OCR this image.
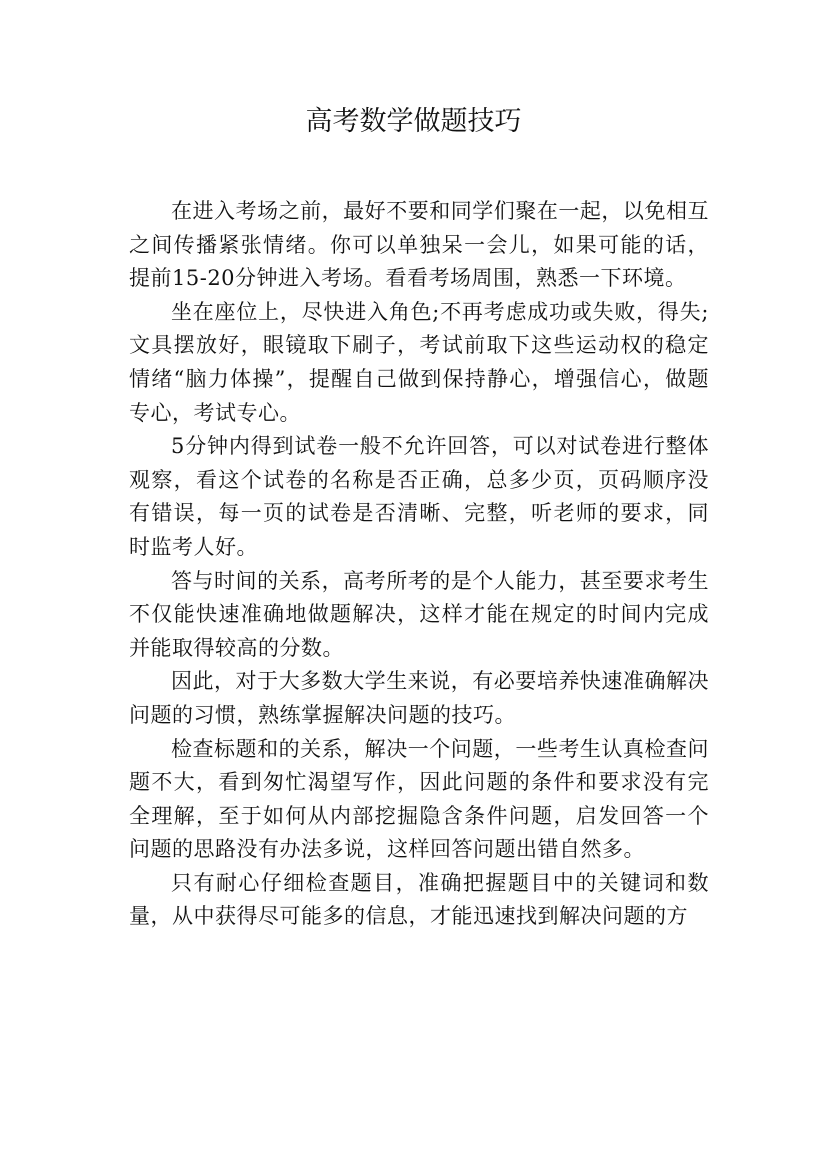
高考数学做题技巧

在进入考场之前，最好不要和同学们聚在一起，以免相互之间传播紧张情绪。你可以单独呆一会儿，如果可能的话，提前15-20分钟进入考场。看看考场周围，熟悉一下环境。

坐在座位上，尽快进入角色;不再考虑成功或失败，得失;文具摆放好，眼镜取下刷子，考试前取下这些运动权的稳定情绪“脑力体操”，提醒自己做到保持静心，增强信心，做题专心，考试专心。

5分钟内得到试卷一般不允许回答，可以对试卷进行整体观察，看这个试卷的名称是否正确，总多少页，页码顺序没有错误，每一页的试卷是否清晰、完整，听老师的要求，同时监考人好。

答与时间的关系，高考所考的是个人能力，甚至要求考生不仅能快速准确地做题解决，这样才能在规定的时间内完成并能取得较高的分数。

因此，对于大多数大学生来说，有必要培养快速准确解决问题的习惯，熟练掌握解决问题的技巧。

检查标题和的关系，解决一个问题，一些考生认真检查问题不大，看到匆忙渴望写作，因此问题的条件和要求没有完全理解，至于如何从内部挖掘隐含条件问题，启发回答一个问题的思路没有办法多说，这样回答问题出错自然多。

只有耐心仔细检查题目，准确把握题目中的关键词和数量，从中获得尽可能多的信息，才能迅速找到解决问题的方
